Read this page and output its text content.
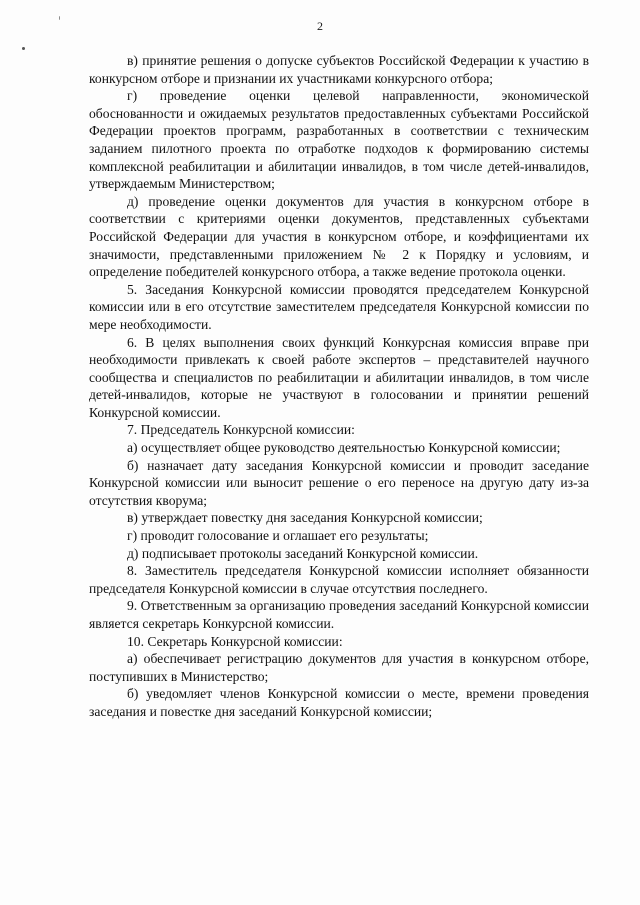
2

в) принятие решения о допуске субъектов Российской Федерации к участию в конкурсном отборе и признании их участниками конкурсного отбора;

г) проведение оценки целевой направленности, экономической обоснованности и ожидаемых результатов предоставленных субъектами Российской Федерации проектов программ, разработанных в соответствии с техническим заданием пилотного проекта по отработке подходов к формированию системы комплексной реабилитации и абилитации инвалидов, в том числе детей-инвалидов, утверждаемым Министерством;

д) проведение оценки документов для участия в конкурсном отборе в соответствии с критериями оценки документов, представленных субъектами Российской Федерации для участия в конкурсном отборе, и коэффициентами их значимости, представленными приложением № 2 к Порядку и условиям, и определение победителей конкурсного отбора, а также ведение протокола оценки.

5. Заседания Конкурсной комиссии проводятся председателем Конкурсной комиссии или в его отсутствие заместителем председателя Конкурсной комиссии по мере необходимости.

6. В целях выполнения своих функций Конкурсная комиссия вправе при необходимости привлекать к своей работе экспертов – представителей научного сообщества и специалистов по реабилитации и абилитации инвалидов, в том числе детей-инвалидов, которые не участвуют в голосовании и принятии решений Конкурсной комиссии.

7. Председатель Конкурсной комиссии:

а) осуществляет общее руководство деятельностью Конкурсной комиссии;

б) назначает дату заседания Конкурсной комиссии и проводит заседание Конкурсной комиссии или выносит решение о его переносе на другую дату из-за отсутствия кворума;

в) утверждает повестку дня заседания Конкурсной комиссии;

г) проводит голосование и оглашает его результаты;

д) подписывает протоколы заседаний Конкурсной комиссии.

8. Заместитель председателя Конкурсной комиссии исполняет обязанности председателя Конкурсной комиссии в случае отсутствия последнего.

9. Ответственным за организацию проведения заседаний Конкурсной комиссии является секретарь Конкурсной комиссии.

10. Секретарь Конкурсной комиссии:

а) обеспечивает регистрацию документов для участия в конкурсном отборе, поступивших в Министерство;

б) уведомляет членов Конкурсной комиссии о месте, времени проведения заседания и повестке дня заседаний Конкурсной комиссии;
